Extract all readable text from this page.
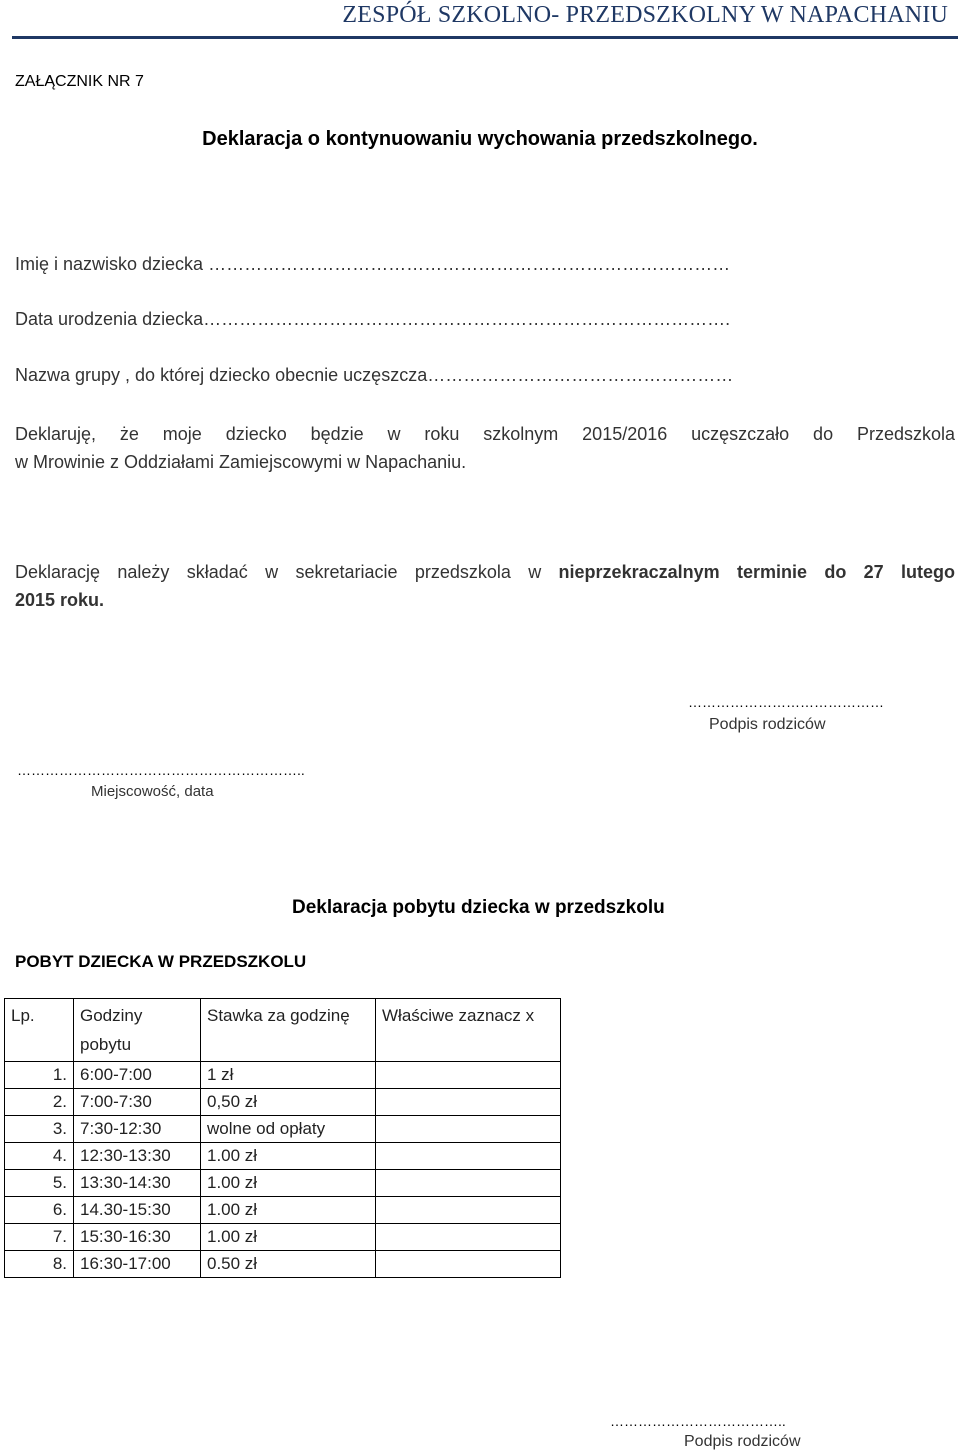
ZESPÓŁ SZKOLNO- PRZEDSZKOLNY W NAPACHANIU
ZAŁĄCZNIK NR 7
Deklaracja o kontynuowaniu wychowania przedszkolnego.
Imię i nazwisko dziecka ……………………………………………………………………………
Data urodzenia dziecka…………………………………………………………………………….
Nazwa grupy , do której dziecko obecnie uczęszcza……………………………………………
Deklaruję, że moje dziecko będzie w roku szkolnym 2015/2016 uczęszczało do Przedszkola
w Mrowinie z Oddziałami Zamiejscowymi w Napachaniu.
Deklarację należy składać w sekretariacie przedszkola w nieprzekraczalnym terminie do 27 lutego
2015 roku.
……………………………………
Podpis rodziców
……………………………………………………..
Miejscowość, data
Deklaracja pobytu dziecka w przedszkolu
POBYT DZIECKA W PRZEDSZKOLU
Lp.	Godziny pobytu	Stawka za godzinę	Właściwe zaznacz x
1.	6:00-7:00	1 zł	
2.	7:00-7:30	0,50 zł	
3.	7:30-12:30	wolne od opłaty	
4.	12:30-13:30	1.00 zł	
5.	13:30-14:30	1.00 zł	
6.	14.30-15:30	1.00 zł	
7.	15:30-16:30	1.00 zł	
8.	16:30-17:00	0.50 zł	
………………………………..
Podpis rodziców
